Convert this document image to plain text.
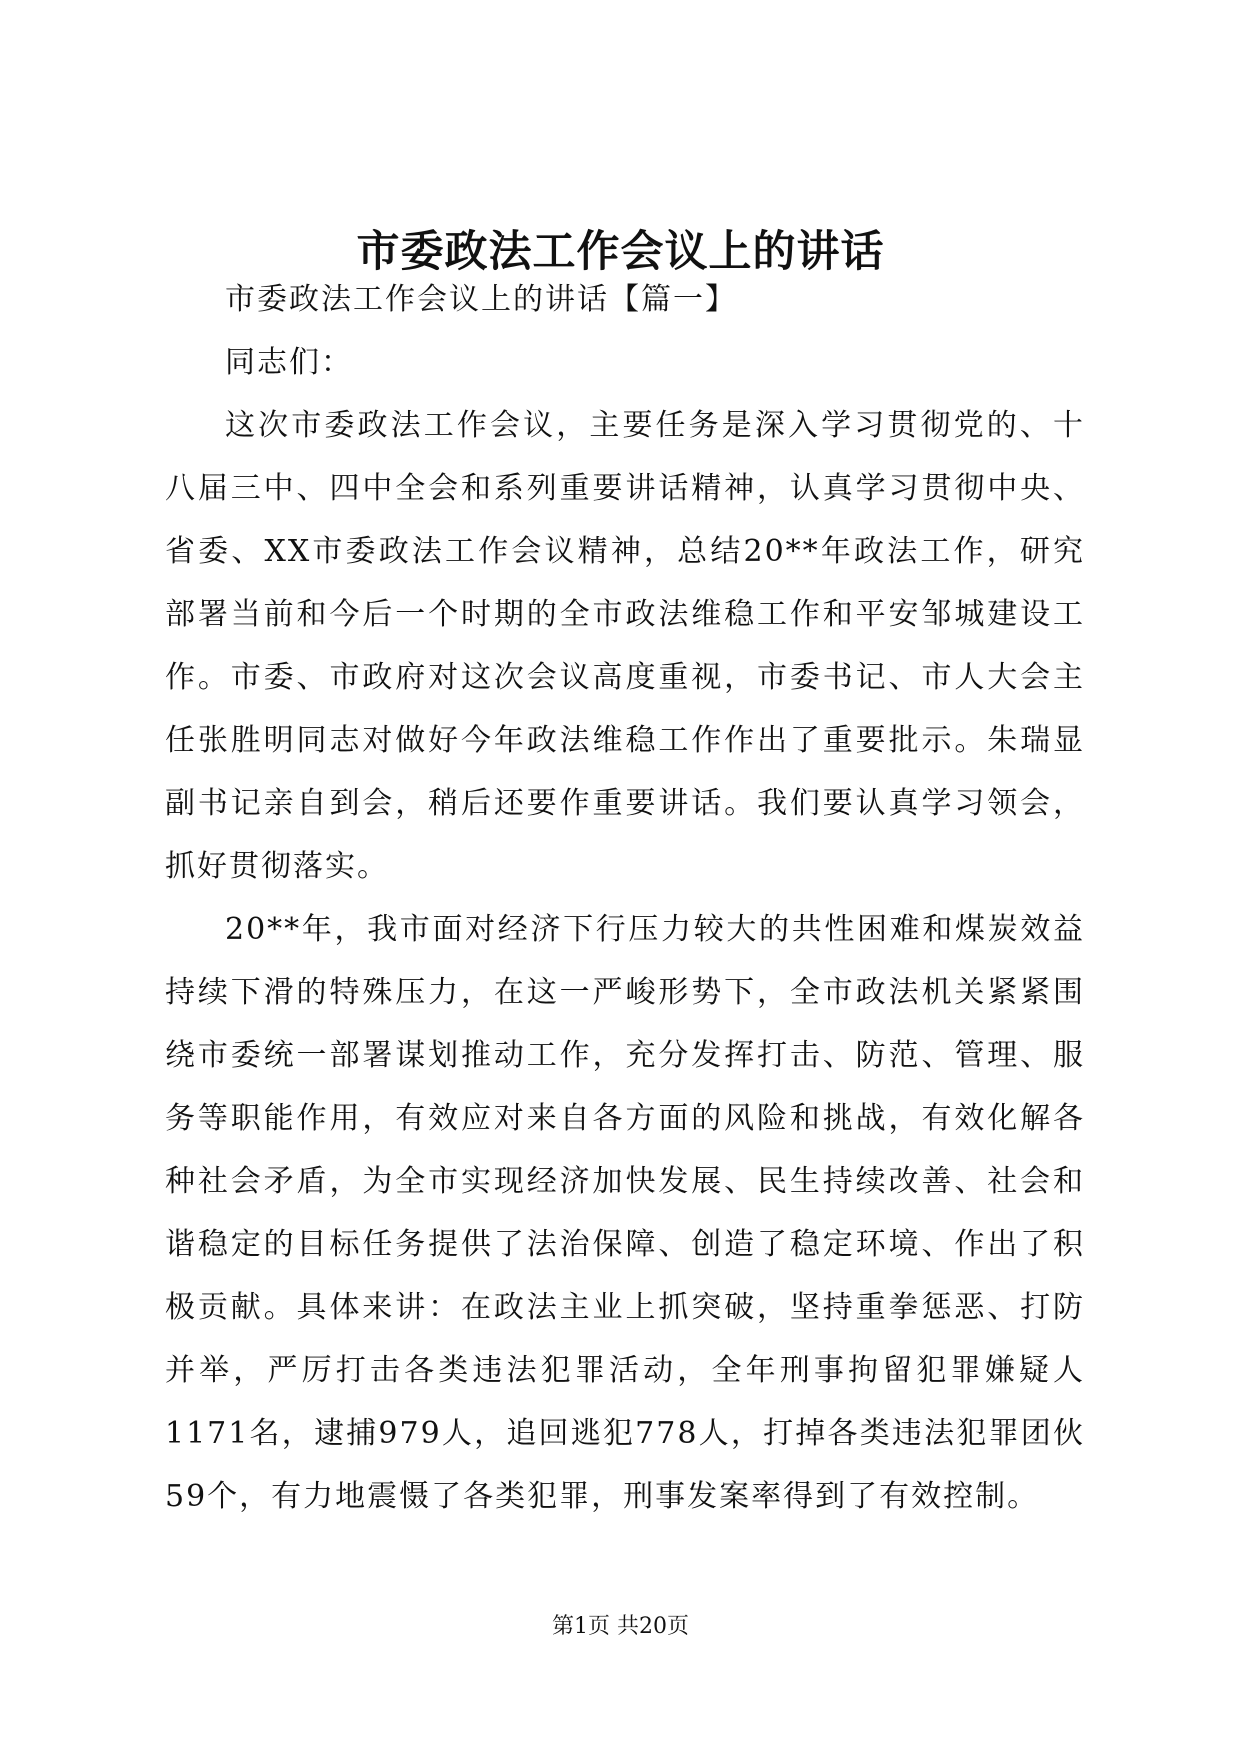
市委政法工作会议上的讲话

市委政法工作会议上的讲话【篇一】

同志们：

这次市委政法工作会议，主要任务是深入学习贯彻党的、十八届三中、四中全会和系列重要讲话精神，认真学习贯彻中央、省委、XX市委政法工作会议精神，总结20**年政法工作，研究部署当前和今后一个时期的全市政法维稳工作和平安邹城建设工作。市委、市政府对这次会议高度重视，市委书记、市人大会主任张胜明同志对做好今年政法维稳工作作出了重要批示。朱瑞显副书记亲自到会，稍后还要作重要讲话。我们要认真学习领会，抓好贯彻落实。

20**年，我市面对经济下行压力较大的共性困难和煤炭效益持续下滑的特殊压力，在这一严峻形势下，全市政法机关紧紧围绕市委统一部署谋划推动工作，充分发挥打击、防范、管理、服务等职能作用，有效应对来自各方面的风险和挑战，有效化解各种社会矛盾，为全市实现经济加快发展、民生持续改善、社会和谐稳定的目标任务提供了法治保障、创造了稳定环境、作出了积极贡献。具体来讲：在政法主业上抓突破，坚持重拳惩恶、打防并举，严厉打击各类违法犯罪活动，全年刑事拘留犯罪嫌疑人1171名，逮捕979人，追回逃犯778人，打掉各类违法犯罪团伙59个，有力地震慑了各类犯罪，刑事发案率得到了有效控制。

第1页 共20页
